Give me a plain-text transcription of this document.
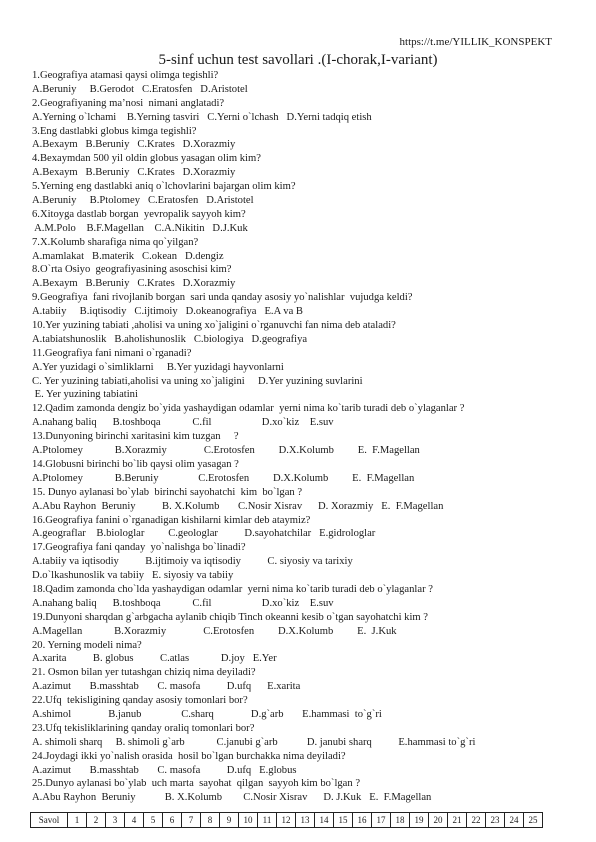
https://t.me/YILLIK_KONSPEKT
5-sinf uchun test savollari .(I-chorak,I-variant)
1.Geografiya atamasi qaysi olimga tegishli?
A.Beruniy     B.Gerodot   C.Eratosfen   D.Aristotel
2.Geografiyaning ma’nosi  nimani anglatadi?
A.Yerning o`lchami    B.Yerning tasviri   C.Yerni o`lchash   D.Yerni tadqiq etish
3.Eng dastlabki globus kimga tegishli?
A.Bexaym   B.Beruniy   C.Krates   D.Xorazmiy
4.Bexaymdan 500 yil oldin globus yasagan olim kim?
A.Bexaym   B.Beruniy   C.Krates   D.Xorazmiy
5.Yerning eng dastlabki aniq o`lchovlarini bajargan olim kim?
A.Beruniy     B.Ptolomey   C.Eratosfen   D.Aristotel
6.Xitoyga dastlab borgan  yevropalik sayyoh kim?
A.M.Polo    B.F.Magellan    C.A.Nikitin   D.J.Kuk
7.X.Kolumb sharafiga nima qo`yilgan?
A.mamlakat   B.materik   C.okean   D.dengiz
8.O`rta Osiyo  geografiyasining asoschisi kim?
A.Bexaym   B.Beruniy   C.Krates   D.Xorazmiy
9.Geografiya  fani rivojlanib borgan  sari unda qanday asosiy yo`nalishlar  vujudga keldi?
A.tabiiy     B.iqtisodiy   C.ijtimoiy   D.okeanografiya   E.A va B
10.Yer yuzining tabiati ,aholisi va uning xo`jaligini o`rganuvchi fan nima deb ataladi?
A.tabiatshunoslik   B.aholishunoslik   C.biologiya   D.geografiya
11.Geografiya fani nimani o`rganadi?
A.Yer yuzidagi o`simliklarni     B.Yer yuzidagi hayvonlarni
C. Yer yuzining tabiati,aholisi va uning xo`jaligini     D.Yer yuzining suvlarini
E. Yer yuzining tabiatini
12.Qadim zamonda dengiz bo`yida yashaydigan odamlar  yerni nima ko`tarib turadi deb o`ylaganlar ?
A.nahang baliq      B.toshboqa            C.fil                   D.xo`kiz    E.suv
13.Dunyoning birinchi xaritasini kim tuzgan     ?
A.Ptolomey            B.Xorazmiy              C.Erotosfen         D.X.Kolumb         E.  F.Magellan
14.Globusni birinchi bo`lib qaysi olim yasagan ?
A.Ptolomey            B.Beruniy               C.Erotosfen         D.X.Kolumb         E.  F.Magellan
15. Dunyo aylanasi bo`ylab  birinchi sayohatchi  kim  bo`lgan ?
A.Abu Rayhon  Beruniy          B. X.Kolumb       C.Nosir Xisrav      D. Xorazmiy   E.  F.Magellan
16.Geografiya fanini o`rganadigan kishilarni kimlar deb ataymiz?
A.geograflar    B.biologlar         C.geologlar          D.sayohatchilar   E.gidrologlar
17.Geografiya fani qanday  yo`nalishga bo`linadi?
A.tabiiy va iqtisodiy          B.ijtimoiy va iqtisodiy          C. siyosiy va tarixiy
D.o`lkashunoslik va tabiiy   E. siyosiy va tabiiy
18.Qadim zamonda cho`lda yashaydigan odamlar  yerni nima ko`tarib turadi deb o`ylaganlar ?
A.nahang baliq      B.toshboqa            C.fil                   D.xo`kiz    E.suv
19.Dunyoni sharqdan g`arbgacha aylanib chiqib Tinch okeanni kesib o`tgan sayohatchi kim ?
A.Magellan            B.Xorazmiy              C.Erotosfen         D.X.Kolumb         E.  J.Kuk
20. Yerning modeli nima?
A.xarita          B. globus          C.atlas            D.joy   E.Yer
21. Osmon bilan yer tutashgan chiziq nima deyiladi?
A.azimut       B.masshtab       C. masofa          D.ufq      E.xarita
22.Ufq  tekisligining qanday asosiy tomonlari bor?
A.shimol              B.janub               C.sharq              D.g`arb       E.hammasi  to`g`ri
23.Ufq tekisliklarining qanday oraliq tomonlari bor?
A. shimoli sharq     B. shimoli g`arb            C.janubi g`arb           D. janubi sharq          E.hammasi to`g`ri
24.Joydagi ikki yo`nalish orasida  hosil bo`lgan burchakka nima deyiladi?
A.azimut       B.masshtab       C. masofa          D.ufq   E.globus
25.Dunyo aylanasi bo`ylab  uch marta  sayohat  qilgan  sayyoh kim bo`lgan ?
A.Abu Rayhon  Beruniy           B. X.Kolumb        C.Nosir Xisrav      D. J.Kuk   E.  F.Magellan
Savol	1	2	3	4	5	6	7	8	9	10	11	12	13	14	15	16	17	18	19	20	21	22	23	24	25
